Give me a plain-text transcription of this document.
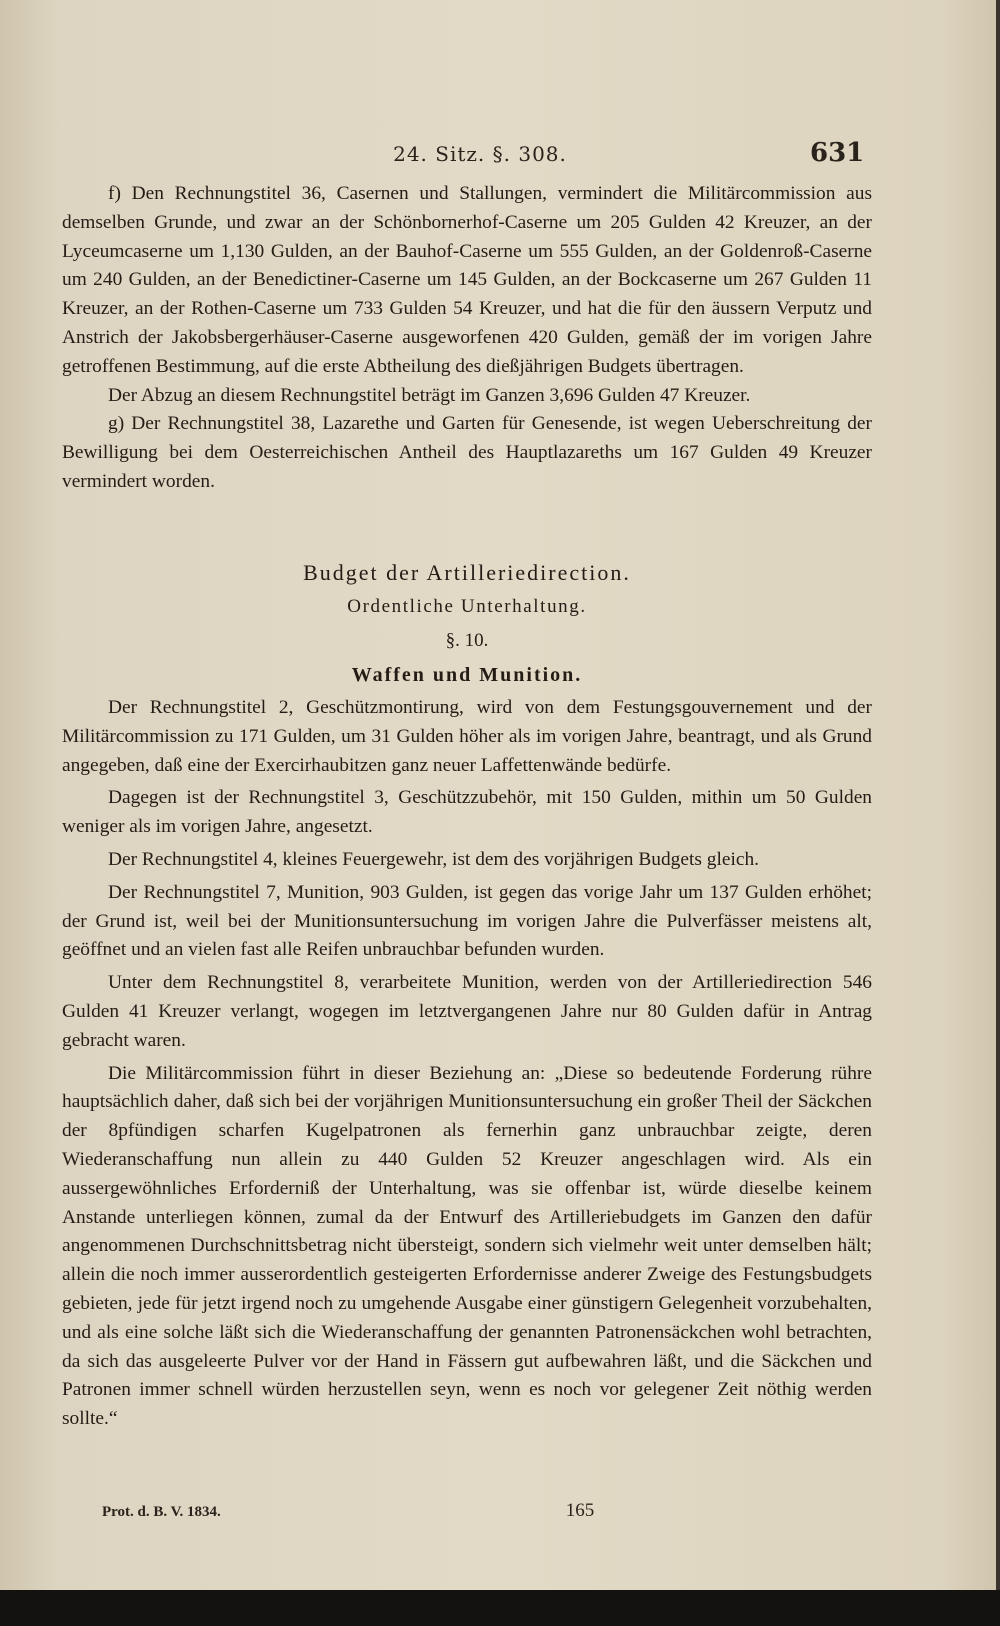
24. Sitz. §. 308.	631

f) Den Rechnungstitel 36, Casernen und Stallungen, vermindert die Militärcommission aus demselben Grunde, und zwar an der Schönbornerhof-Caserne um 205 Gulden 42 Kreuzer, an der Lyceumcaserne um 1,130 Gulden, an der Bauhof-Caserne um 555 Gulden, an der Goldenroß-Caserne um 240 Gulden, an der Benedictiner-Caserne um 145 Gulden, an der Bockcaserne um 267 Gulden 11 Kreuzer, an der Rothen-Caserne um 733 Gulden 54 Kreuzer, und hat die für den äussern Verputz und Anstrich der Jakobsbergerhäuser-Caserne ausgeworfenen 420 Gulden, gemäß der im vorigen Jahre getroffenen Bestimmung, auf die erste Abtheilung des dießjährigen Budgets übertragen.

Der Abzug an diesem Rechnungstitel beträgt im Ganzen 3,696 Gulden 47 Kreuzer.

g) Der Rechnungstitel 38, Lazarethe und Garten für Genesende, ist wegen Ueberschreitung der Bewilligung bei dem Oesterreichischen Antheil des Hauptlazareths um 167 Gulden 49 Kreuzer vermindert worden.

Budget der Artilleriedirection.
Ordentliche Unterhaltung.
§. 10.
Waffen und Munition.

Der Rechnungstitel 2, Geschützmontirung, wird von dem Festungsgouvernement und der Militärcommission zu 171 Gulden, um 31 Gulden höher als im vorigen Jahre, beantragt, und als Grund angegeben, daß eine der Exercirhaubitzen ganz neuer Laffettenwände bedürfe.

Dagegen ist der Rechnungstitel 3, Geschützzubehör, mit 150 Gulden, mithin um 50 Gulden weniger als im vorigen Jahre, angesetzt.

Der Rechnungstitel 4, kleines Feuergewehr, ist dem des vorjährigen Budgets gleich.

Der Rechnungstitel 7, Munition, 903 Gulden, ist gegen das vorige Jahr um 137 Gulden erhöhet; der Grund ist, weil bei der Munitionsuntersuchung im vorigen Jahre die Pulverfässer meistens alt, geöffnet und an vielen fast alle Reifen unbrauchbar befunden wurden.

Unter dem Rechnungstitel 8, verarbeitete Munition, werden von der Artilleriedirection 546 Gulden 41 Kreuzer verlangt, wogegen im letztvergangenen Jahre nur 80 Gulden dafür in Antrag gebracht waren.

Die Militärcommission führt in dieser Beziehung an: „Diese so bedeutende Forderung rühre hauptsächlich daher, daß sich bei der vorjährigen Munitionsuntersuchung ein großer Theil der Säckchen der 8pfündigen scharfen Kugelpatronen als fernerhin ganz unbrauchbar zeigte, deren Wiederanschaffung nun allein zu 440 Gulden 52 Kreuzer angeschlagen wird. Als ein aussergewöhnliches Erforderniß der Unterhaltung, was sie offenbar ist, würde dieselbe keinem Anstande unterliegen können, zumal da der Entwurf des Artilleriebudgets im Ganzen den dafür angenommenen Durchschnittsbetrag nicht übersteigt, sondern sich vielmehr weit unter demselben hält; allein die noch immer ausserordentlich gesteigerten Erfordernisse anderer Zweige des Festungsbudgets gebieten, jede für jetzt irgend noch zu umgehende Ausgabe einer günstigern Gelegenheit vorzubehalten, und als eine solche läßt sich die Wiederanschaffung der genannten Patronensäckchen wohl betrachten, da sich das ausgeleerte Pulver vor der Hand in Fässern gut aufbewahren läßt, und die Säckchen und Patronen immer schnell würden herzustellen seyn, wenn es noch vor gelegener Zeit nöthig werden sollte.“

Prot. d. B. V. 1834.	165
